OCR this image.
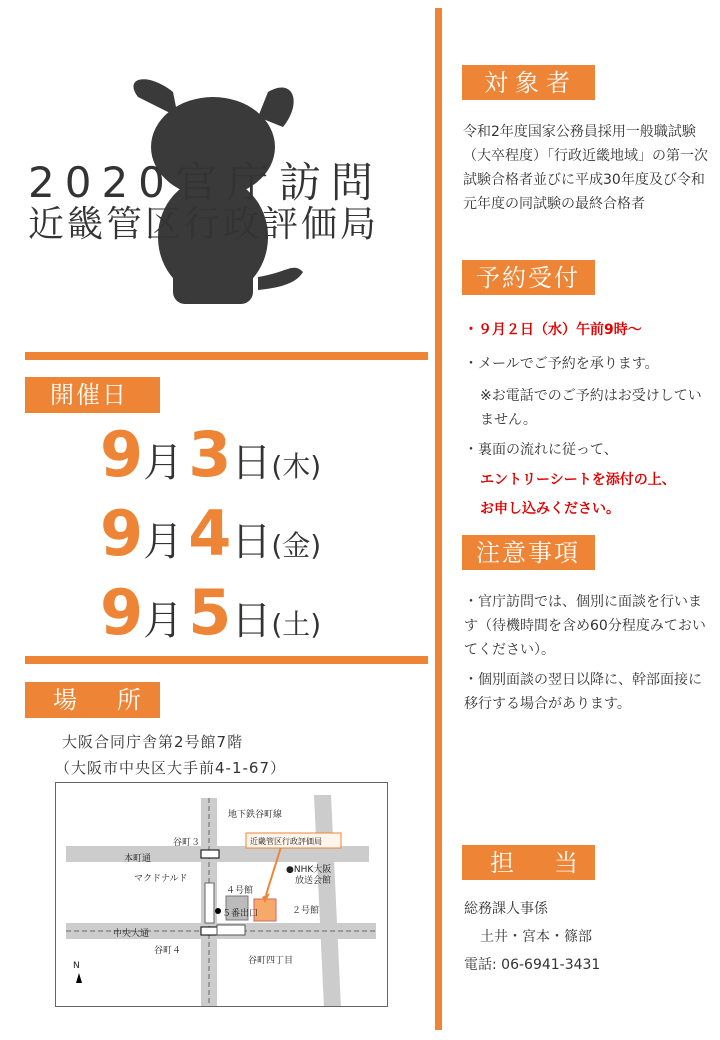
2020官庁訪問
近畿管区行政評価局
開催日
9月 3日(木)
9月 4日(金)
9月 5日(土)
場　所
大阪合同庁舎第2号館7階
（大阪市中央区大手前4-1-67）
地下鉄谷町線
谷町３
本町通
近畿管区行政評価局
マクドナルド
●NHK大阪
　放送会館
４号館
５番出口	２号館
中央大通
谷町４
谷町四丁目
N
対象者
令和2年度国家公務員採用一般職試験（大卒程度）「行政近畿地域」の第一次試験合格者並びに平成30年度及び令和元年度の同試験の最終合格者
予約受付
・９月２日（水）午前9時～
・メールでご予約を承ります。
※お電話でのご予約はお受けしていません。
・裏面の流れに従って、
エントリーシートを添付の上、
お申し込みください。
注意事項
・官庁訪問では、個別に面談を行います（待機時間を含め60分程度みておいてください）。
・個別面談の翌日以降に、幹部面接に移行する場合があります。
担　当
総務課人事係
土井・宮本・篠部
電話: 06-6941-3431
